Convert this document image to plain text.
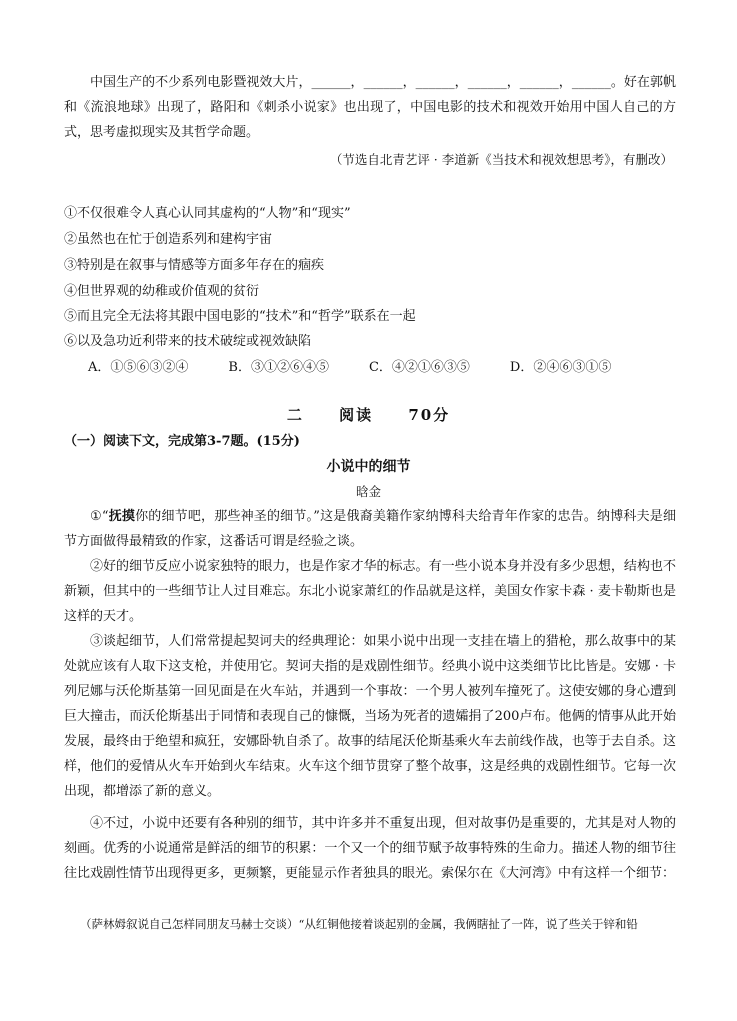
中国生产的不少系列电影暨视效大片，______，______，______，______，______，______。好在郭帆和《流浪地球》出现了，路阳和《刺杀小说家》也出现了，中国电影的技术和视效开始用中国人自己的方式，思考虚拟现实及其哲学命题。

（节选自北青艺评 · 李道新《当技术和视效想思考》，有删改）
①不仅很难令人真心认同其虚构的“人物”和“现实”
②虽然也在忙于创造系列和建构宇宙
③特别是在叙事与情感等方面多年存在的痼疾
④但世界观的幼稚或价值观的贫衍
⑤而且完全无法将其跟中国电影的“技术”和“哲学”联系在一起
⑥以及急功近利带来的技术破绽或视效缺陷
A．①⑤⑥③②④	B．③①②⑥④⑤	C．④②①⑥③⑤	D．②④⑥③①⑤
二 阅读 70分
（一）阅读下文，完成第3-7题。(15分)
小说中的细节
晗金

①“抚摸你的细节吧，那些神圣的细节。”这是俄裔美籍作家纳博科夫给青年作家的忠告。纳博科夫是细节方面做得最精致的作家，这番话可谓是经验之谈。

②好的细节反应小说家独特的眼力，也是作家才华的标志。有一些小说本身并没有多少思想，结构也不新颖，但其中的一些细节让人过目难忘。东北小说家萧红的作品就是这样，美国女作家卡森 · 麦卡勒斯也是这样的天才。

③谈起细节，人们常常提起契诃夫的经典理论：如果小说中出现一支挂在墙上的猎枪，那么故事中的某处就应该有人取下这支枪，并使用它。契诃夫指的是戏剧性细节。经典小说中这类细节比比皆是。安娜 · 卡列尼娜与沃伦斯基第一回见面是在火车站，并遇到一个事故：一个男人被列车撞死了。这使安娜的身心遭到巨大撞击，而沃伦斯基出于同情和表现自己的慷慨，当场为死者的遗孀捐了200卢布。他俩的情事从此开始发展，最终由于绝望和疯狂，安娜卧轨自杀了。故事的结尾沃伦斯基乘火车去前线作战，也等于去自杀。这样，他们的爱情从火车开始到火车结束。火车这个细节贯穿了整个故事，这是经典的戏剧性细节。它每一次出现，都增添了新的意义。

④不过，小说中还要有各种别的细节，其中许多并不重复出现，但对故事仍是重要的，尤其是对人物的刻画。优秀的小说通常是鲜活的细节的积累：一个又一个的细节赋予故事特殊的生命力。描述人物的细节往往比戏剧性情节出现得更多，更频繁，更能显示作者独具的眼光。索保尔在《大河湾》中有这样一个细节：

（萨林姆叙说自己怎样同朋友马赫士交谈）“从红铜他接着谈起别的金属，我俩瞎扯了一阵，说了些关于锌和铅
